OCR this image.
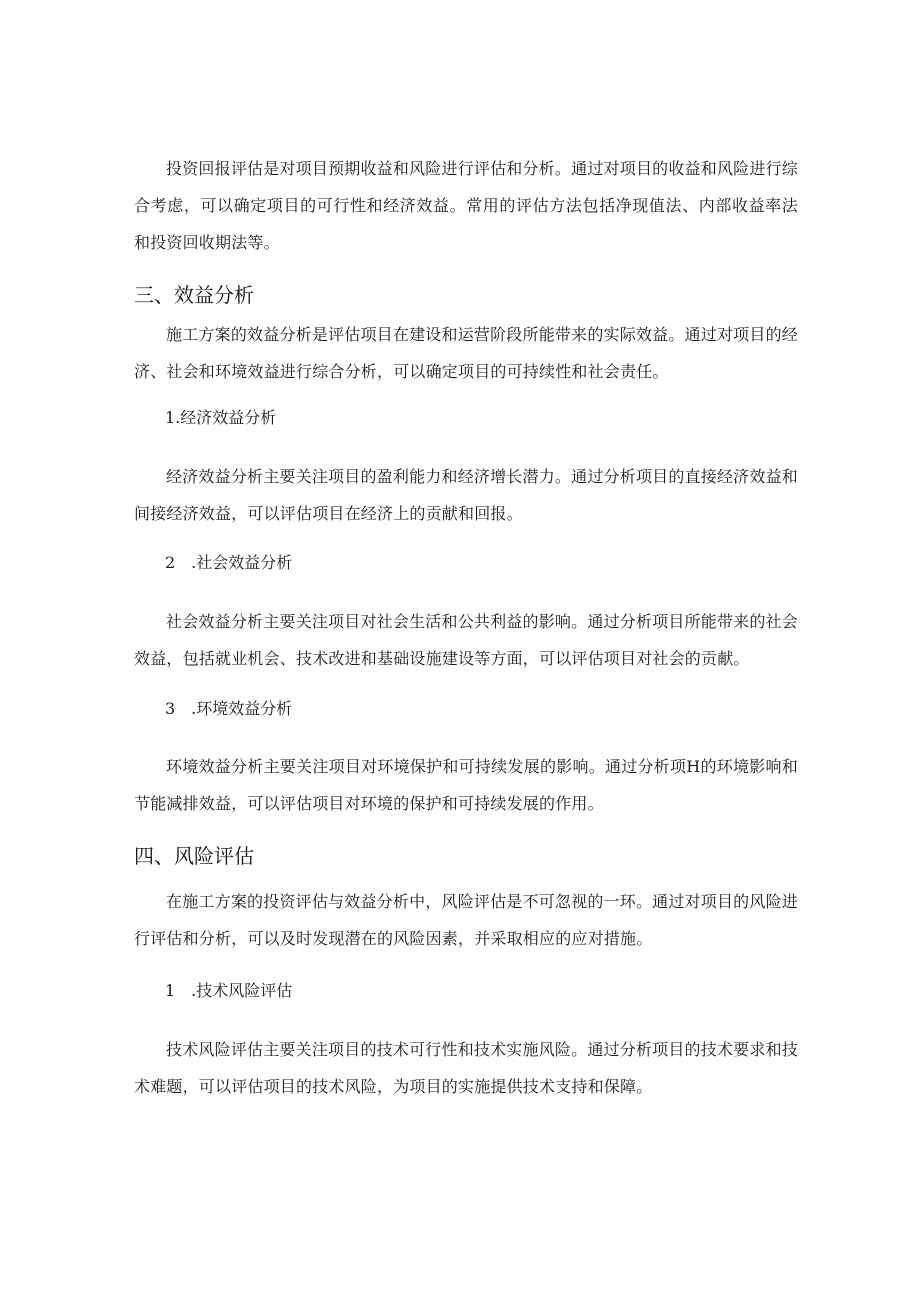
投资回报评估是对项目预期收益和风险进行评估和分析。通过对项目的收益和风险进行综合考虑，可以确定项目的可行性和经济效益。常用的评估方法包括净现值法、内部收益率法和投资回收期法等。

三、效益分析

施工方案的效益分析是评估项目在建设和运营阶段所能带来的实际效益。通过对项目的经济、社会和环境效益进行综合分析，可以确定项目的可持续性和社会责任。

1.经济效益分析

经济效益分析主要关注项目的盈利能力和经济增长潜力。通过分析项目的直接经济效益和间接经济效益，可以评估项目在经济上的贡献和回报。

2　.社会效益分析

社会效益分析主要关注项目对社会生活和公共利益的影响。通过分析项目所能带来的社会效益，包括就业机会、技术改进和基础设施建设等方面，可以评估项目对社会的贡献。

3　.环境效益分析

环境效益分析主要关注项目对环境保护和可持续发展的影响。通过分析项H的环境影响和节能减排效益，可以评估项目对环境的保护和可持续发展的作用。

四、风险评估

在施工方案的投资评估与效益分析中，风险评估是不可忽视的一环。通过对项目的风险进行评估和分析，可以及时发现潜在的风险因素，并采取相应的应对措施。

1　.技术风险评估

技术风险评估主要关注项目的技术可行性和技术实施风险。通过分析项目的技术要求和技术难题，可以评估项目的技术风险，为项目的实施提供技术支持和保障。
